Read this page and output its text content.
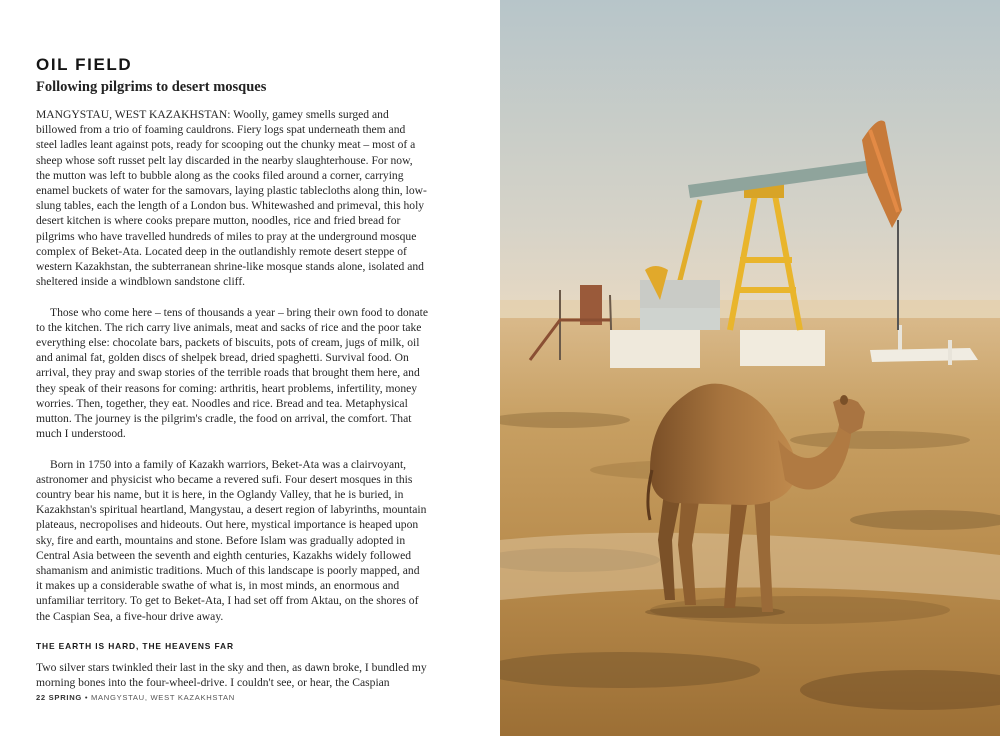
OIL FIELD
Following pilgrims to desert mosques

MANGYSTAU, WEST KAZAKHSTAN: Woolly, gamey smells surged and billowed from a trio of foaming cauldrons. Fiery logs spat underneath them and steel ladles leant against pots, ready for scooping out the chunky meat – most of a sheep whose soft russet pelt lay discarded in the nearby slaughterhouse. For now, the mutton was left to bubble along as the cooks filed around a corner, carrying enamel buckets of water for the samovars, laying plastic tablecloths along thin, low-slung tables, each the length of a London bus. Whitewashed and primeval, this holy desert kitchen is where cooks prepare mutton, noodles, rice and fried bread for pilgrims who have travelled hundreds of miles to pray at the underground mosque complex of Beket-Ata. Located deep in the outlandishly remote desert steppe of western Kazakhstan, the subterranean shrine-like mosque stands alone, isolated and sheltered inside a windblown sandstone cliff.

Those who come here – tens of thousands a year – bring their own food to donate to the kitchen. The rich carry live animals, meat and sacks of rice and the poor take everything else: chocolate bars, packets of biscuits, pots of cream, jugs of milk, oil and animal fat, golden discs of shelpek bread, dried spaghetti. Survival food. On arrival, they pray and swap stories of the terrible roads that brought them here, and they speak of their reasons for coming: arthritis, heart problems, infertility, money worries. Then, together, they eat. Noodles and rice. Bread and tea. Metaphysical mutton. The journey is the pilgrim's cradle, the food on arrival, the comfort. That much I understood.

Born in 1750 into a family of Kazakh warriors, Beket-Ata was a clairvoyant, astronomer and physicist who became a revered sufi. Four desert mosques in this country bear his name, but it is here, in the Oglandy Valley, that he is buried, in Kazakhstan's spiritual heartland, Mangystau, a desert region of labyrinths, mountain plateaus, necropolises and hideouts. Out here, mystical importance is heaped upon sky, fire and earth, mountains and stone. Before Islam was gradually adopted in Central Asia between the seventh and eighth centuries, Kazakhs widely followed shamanism and animistic traditions. Much of this landscape is poorly mapped, and it makes up a considerable swathe of what is, in most minds, an enormous and unfamiliar territory. To get to Beket-Ata, I had set off from Aktau, on the shores of the Caspian Sea, a five-hour drive away.

THE EARTH IS HARD, THE HEAVENS FAR

Two silver stars twinkled their last in the sky and then, as dawn broke, I bundled my morning bones into the four-wheel-drive. I couldn't see, or hear, the Caspian

22 SPRING • MANGYSTAU, WEST KAZAKHSTAN
